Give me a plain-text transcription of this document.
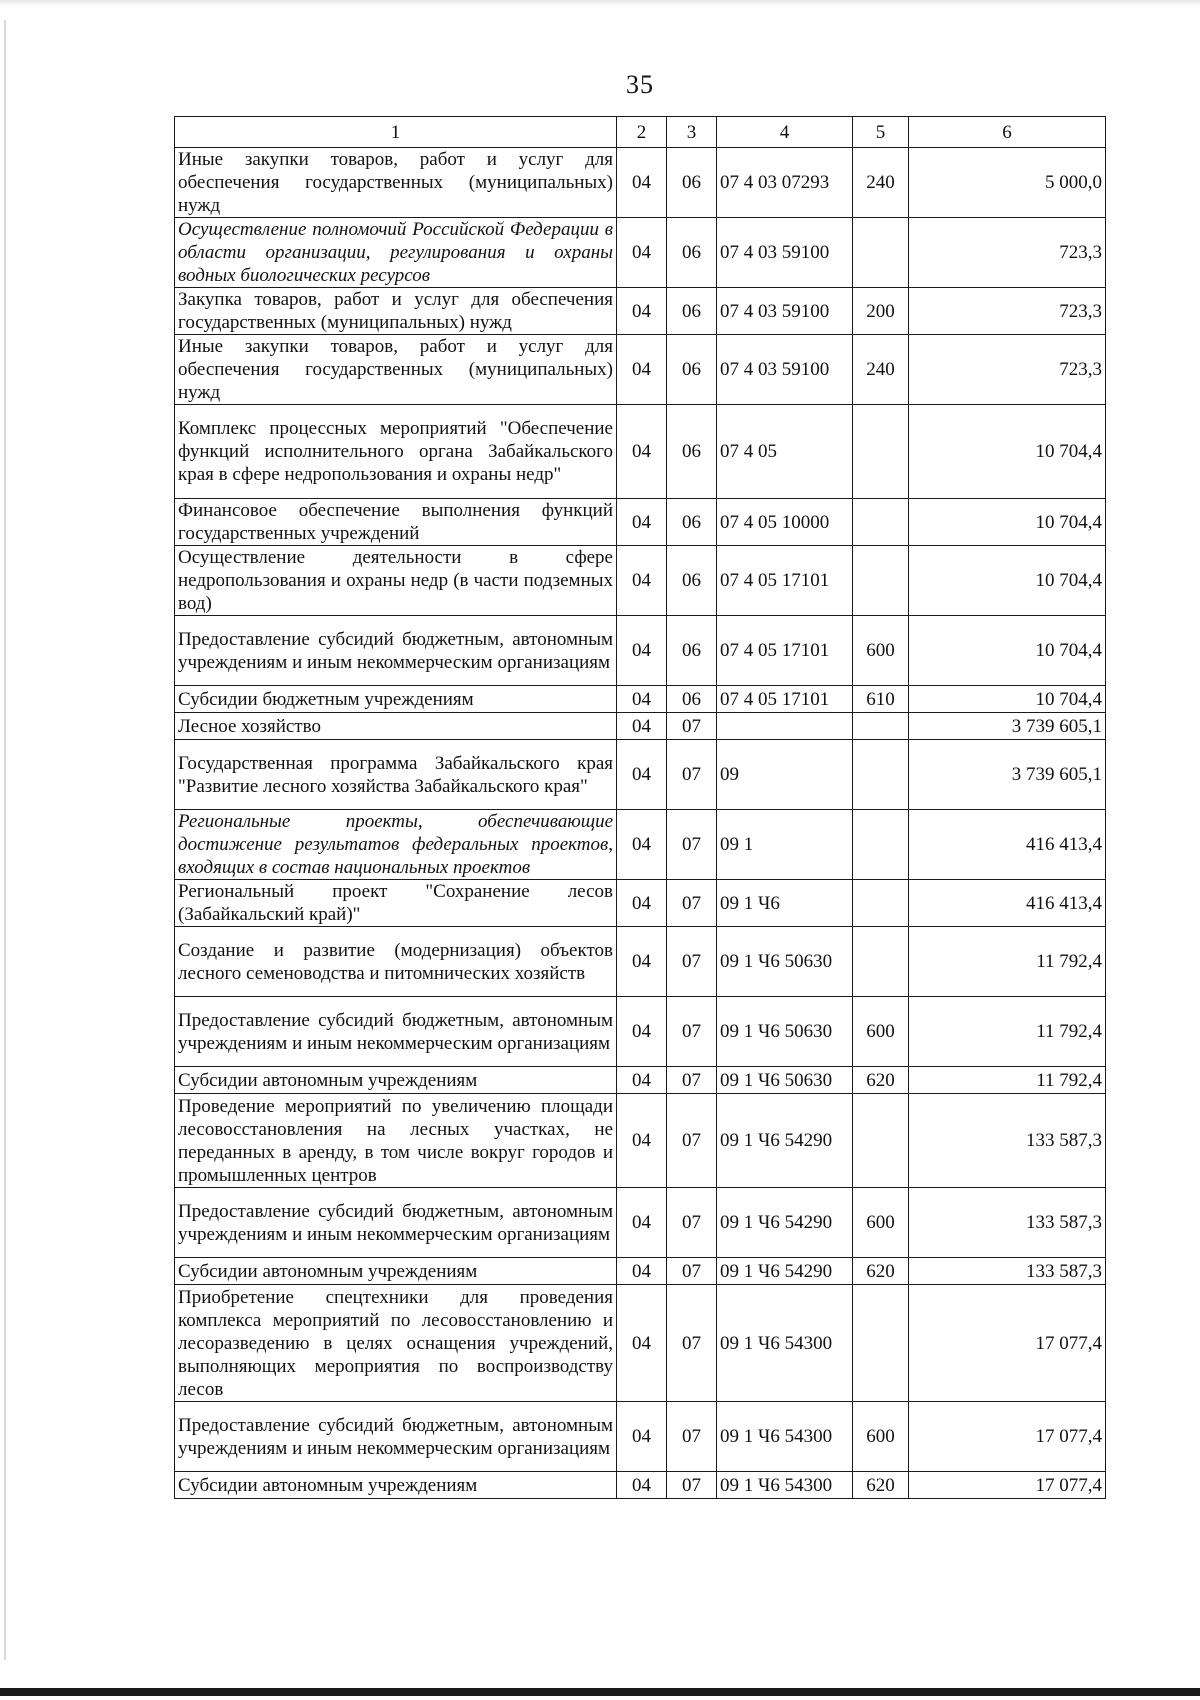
35
1	2	3	4	5	6
Иные закупки товаров, работ и услуг для обеспечения государственных (муниципальных) нужд	04	06	07 4 03 07293	240	5 000,0
Осуществление полномочий Российской Федерации в области организации, регулирования и охраны водных биологических ресурсов	04	06	07 4 03 59100		723,3
Закупка товаров, работ и услуг для обеспечения государственных (муниципальных) нужд	04	06	07 4 03 59100	200	723,3
Иные закупки товаров, работ и услуг для обеспечения государственных (муниципальных) нужд	04	06	07 4 03 59100	240	723,3
Комплекс процессных мероприятий "Обеспечение функций исполнительного органа Забайкальского края в сфере недропользования и охраны недр"	04	06	07 4 05		10 704,4
Финансовое обеспечение выполнения функций государственных учреждений	04	06	07 4 05 10000		10 704,4
Осуществление деятельности в сфере недропользования и охраны недр (в части подземных вод)	04	06	07 4 05 17101		10 704,4
Предоставление субсидий бюджетным, автономным учреждениям и иным некоммерческим организациям	04	06	07 4 05 17101	600	10 704,4
Субсидии бюджетным учреждениям	04	06	07 4 05 17101	610	10 704,4
Лесное хозяйство	04	07			3 739 605,1
Государственная программа Забайкальского края "Развитие лесного хозяйства Забайкальского края"	04	07	09		3 739 605,1
Региональные проекты, обеспечивающие достижение результатов федеральных проектов, входящих в состав национальных проектов	04	07	09 1		416 413,4
Региональный проект "Сохранение лесов (Забайкальский край)"	04	07	09 1 Ч6		416 413,4
Создание и развитие (модернизация) объектов лесного семеноводства и питомнических хозяйств	04	07	09 1 Ч6 50630		11 792,4
Предоставление субсидий бюджетным, автономным учреждениям и иным некоммерческим организациям	04	07	09 1 Ч6 50630	600	11 792,4
Субсидии автономным учреждениям	04	07	09 1 Ч6 50630	620	11 792,4
Проведение мероприятий по увеличению площади лесовосстановления на лесных участках, не переданных в аренду, в том числе вокруг городов и промышленных центров	04	07	09 1 Ч6 54290		133 587,3
Предоставление субсидий бюджетным, автономным учреждениям и иным некоммерческим организациям	04	07	09 1 Ч6 54290	600	133 587,3
Субсидии автономным учреждениям	04	07	09 1 Ч6 54290	620	133 587,3
Приобретение спецтехники для проведения комплекса мероприятий по лесовосстановлению и лесоразведению в целях оснащения учреждений, выполняющих мероприятия по воспроизводству лесов	04	07	09 1 Ч6 54300		17 077,4
Предоставление субсидий бюджетным, автономным учреждениям и иным некоммерческим организациям	04	07	09 1 Ч6 54300	600	17 077,4
Субсидии автономным учреждениям	04	07	09 1 Ч6 54300	620	17 077,4
